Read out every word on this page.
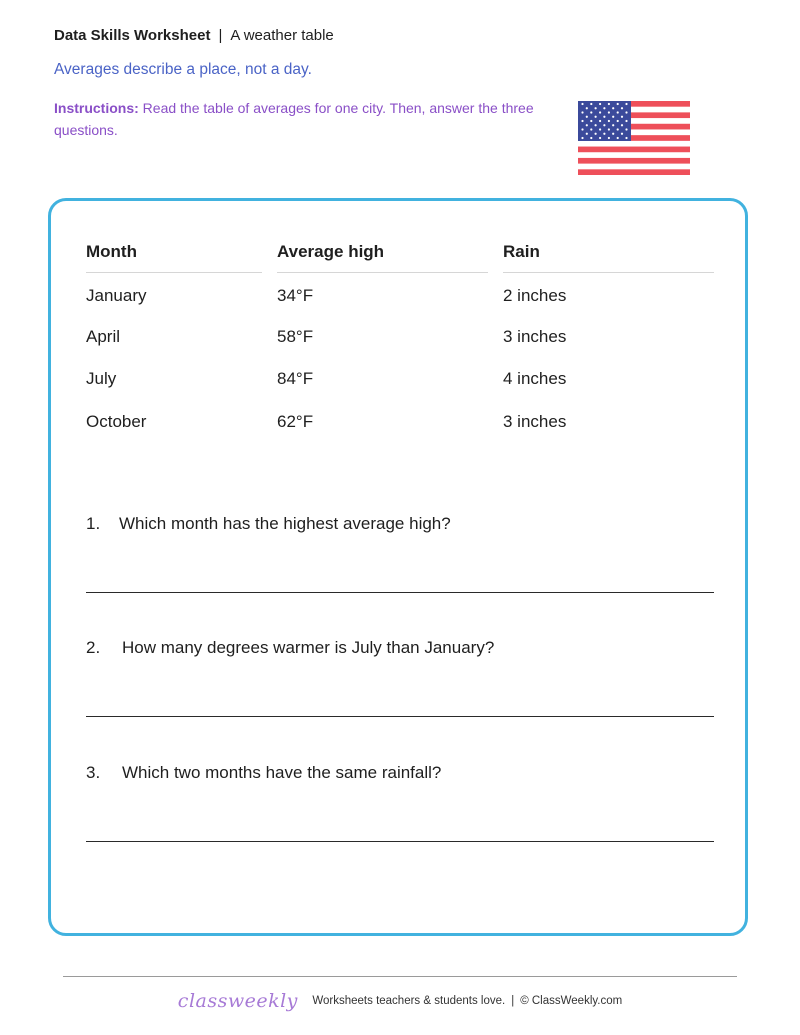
Data Skills Worksheet | A weather table
Averages describe a place, not a day.
Instructions: Read the table of averages for one city. Then, answer the three questions.
Month	Average high	Rain
January	34°F	2 inches
April	58°F	3 inches
July	84°F	4 inches
October	62°F	3 inches
1. Which month has the highest average high?
2. How many degrees warmer is July than January?
3. Which two months have the same rainfall?
classweekly Worksheets teachers & students love. | © ClassWeekly.com
